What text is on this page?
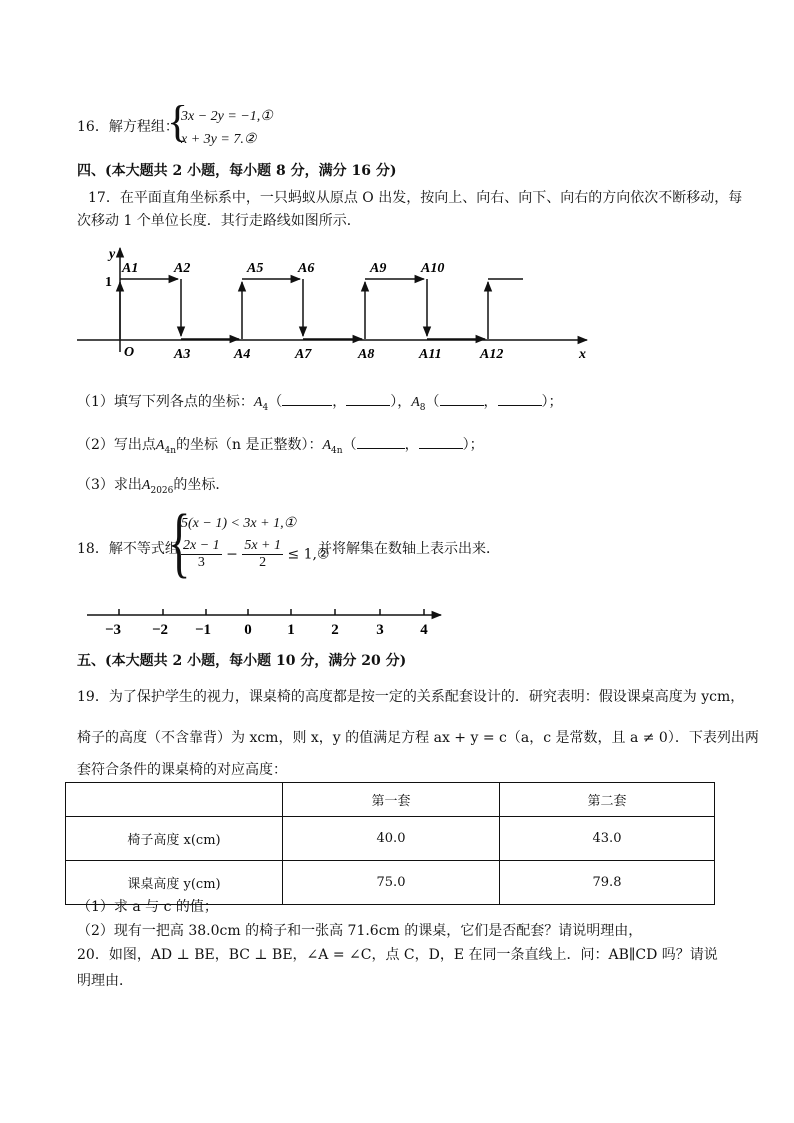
16．解方程组：
{
3x − 2y = −1,①
x + 3y = 7.②
四、(本大题共 2 小题，每小题 8 分，满分 16 分)
17．在平面直角坐标系中，一只蚂蚁从原点 O 出发，按向上、向右、向下、向右的方向依次不断移动，每
次移动 1 个单位长度．其行走路线如图所示．
y
x
1
O
A1	A2
A3	A4
A5 A6
A7	A8
A9 A10
A11	A12
（1）填写下列各点的坐标：$A_4$（	，	），$A_8$（	，	）；
（2）写出点$A_{4n}$的坐标（n 是正整数）：$A_{4n}$（	，	）；
（3）求出$A_{2026}$的坐标．
18．解不等式组
{
5(x − 1) < 3x + 1,①
$\frac{2x - 1}{3} - \frac{5x + 1}{2}$ ≤ 1,②
并将解集在数轴上表示出来．
−3 −2 −1 0 1 2	3 4
五、(本大题共 2 小题，每小题 10 分，满分 20 分)
19．为了保护学生的视力，课桌椅的高度都是按一定的关系配套设计的．研究表明：假设课桌高度为 ycm，
椅子的高度（不含靠背）为 xcm，则 x，y 的值满足方程 ax + y = c（a，c 是常数，且 a ≠ 0）．下表列出两
套符合条件的课桌椅的对应高度：
	第一套	第二套
椅子高度 x(cm)	40.0	43.0
课桌高度 y(cm)	75.0	79.8
（1）求 a 与 c 的值；
（2）现有一把高 38.0cm 的椅子和一张高 71.6cm 的课桌，它们是否配套？请说明理由，
20．如图，AD ⊥ BE，BC ⊥ BE，∠A = ∠C，点 C，D，E 在同一条直线上．问：AB∥CD 吗？请说
明理由．
